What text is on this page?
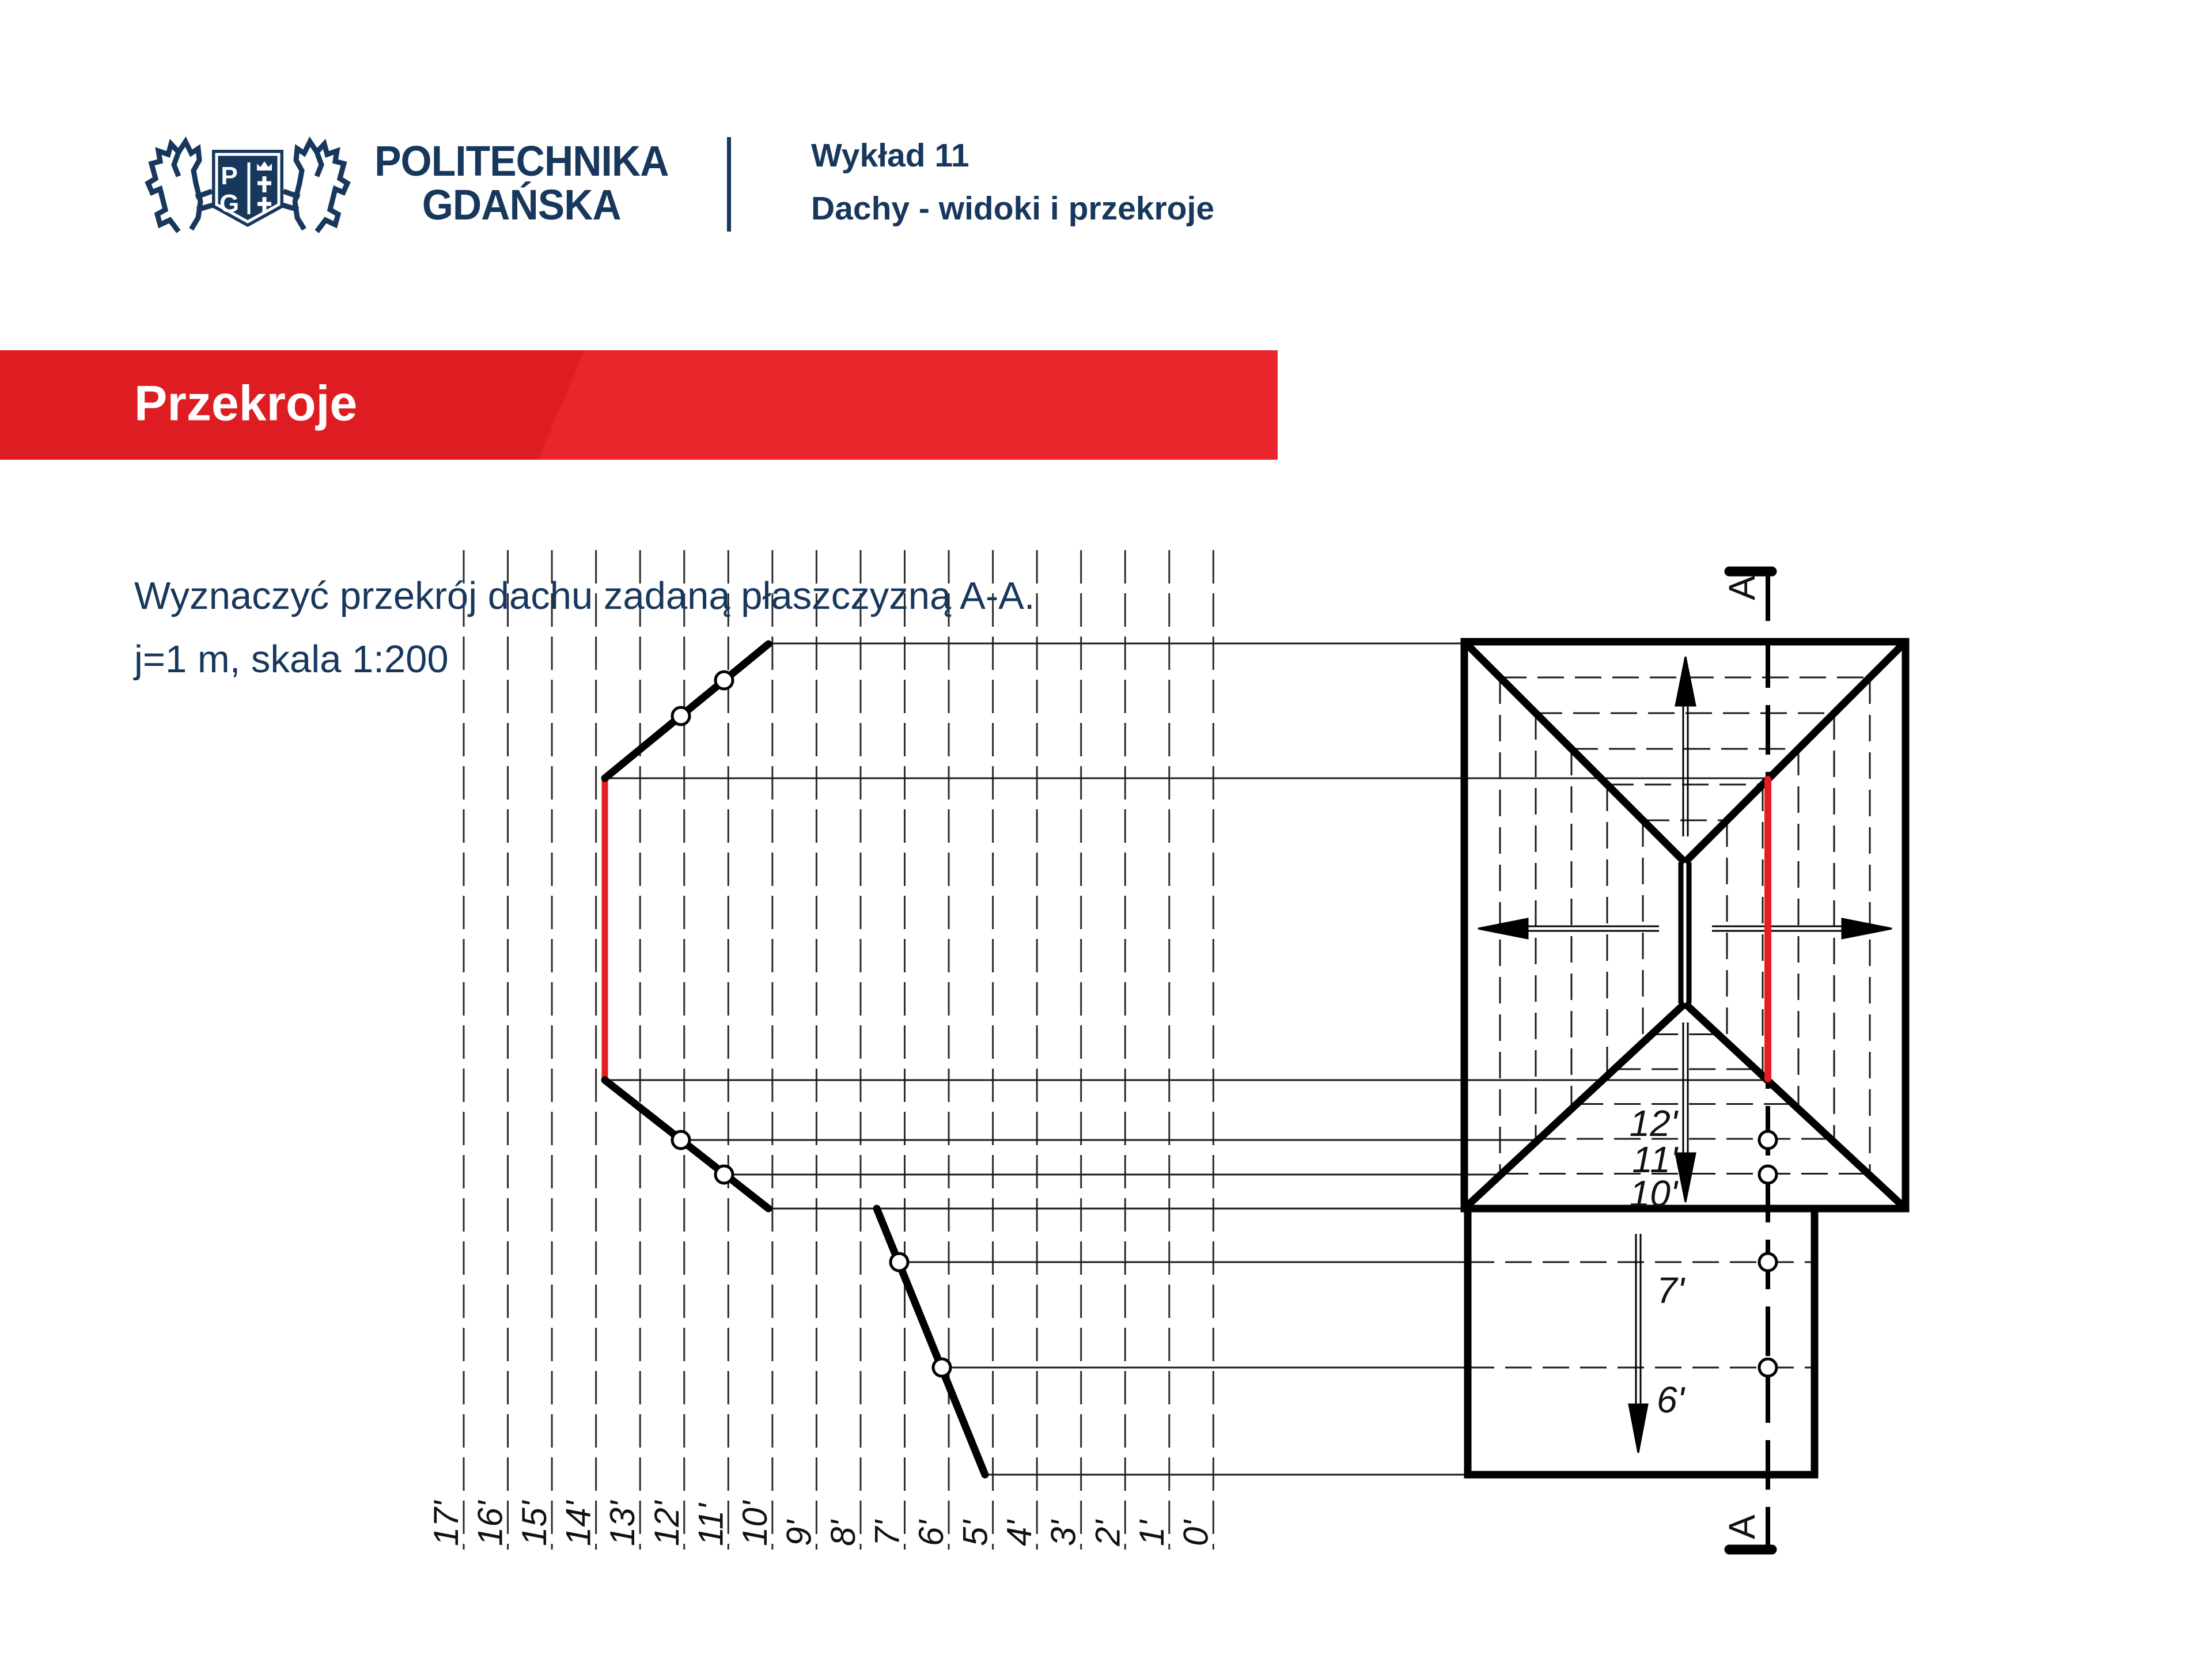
17' 16' 15' 14' 13' 12' 11' 10' 9' 8' 7' 6' 5' 4' 3' 2' 1' 0'
12'
11'
10'
7'
6'
A
A
P
G
POLITECHNIKA
GDAŃSKA
Wykład 11
Dachy - widoki i przekroje
Przekroje
Wyznaczyć przekrój dachu zadaną płaszczyzną A-A.
j=1 m, skala 1:200
